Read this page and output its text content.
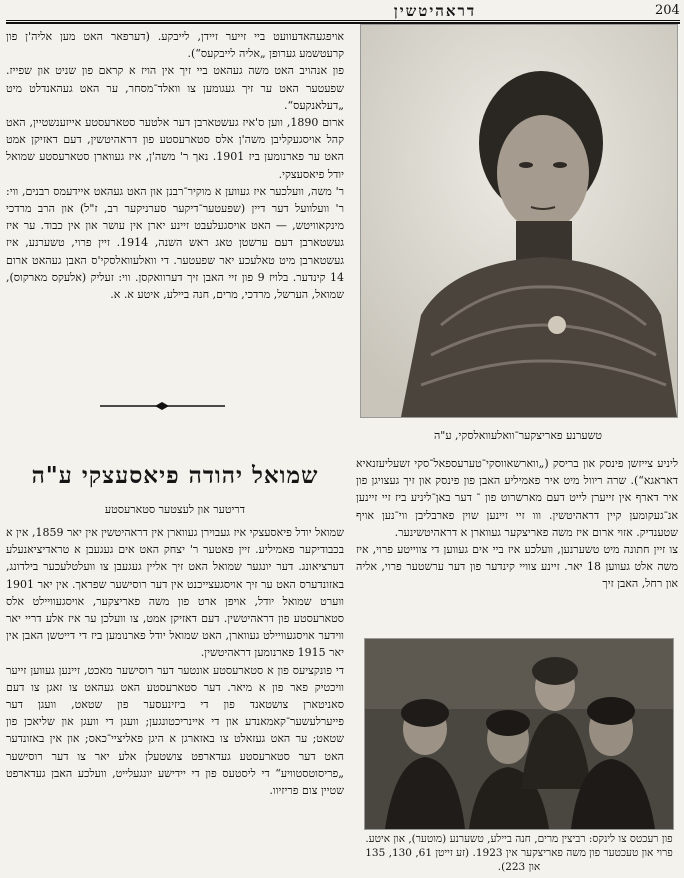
דראהיטשין	204

אויפגעהאדעוועט ביי זייער זיידן, לייבקע. (דערפאר האט מען אליה'ן פון קרעטשמע גערופן „אליה לייבקעס“).

פון אנהויב האט משה געהאט ביי זיך אין הויז א קראם פון שניט און שפייז. שפעטער האט ער זיך געגומען צו וואלד־מסחר, ער האט געהאנדלט מיט „דעלאנקעס“.

ארום 1890, ווען ס'איז געשטארבן דער אלטער סטארעסטע אייזענשטיין, האט קהל אויסגעקליבן משה'ן אלס סטארעסטע פון דראהיטשין, דעם דאזיקן אמט האט ער פארנומען ביז 1901. נאך ר' משה'ן, איז געווארן סטארעסטע שמואל יודל פיאסעצקי.

ר' משה, וועלכער איז געווען א מוקיר־רבנן און האט געהאט איידעמס רבנים, ווי: ר' וועלוועל דער דיין (שפעטער־דיקער סערניקער רב, ז"ל) און הרב מרדכי מינקאוויטש, — האט אויסגעלעבט זיינע יארן אין עושר און אין כבוד. ער איז געשטארבן דעם ערשטן טאג ראש השנה, 1914. זיין פרוי, טשערנע, איז געשטארבן מיט טאלעכע יאר שפעטער. די וואלעוואלסקי'ס האבן געהאט ארום 14 קינדער. בלויז 9 פון זיי האבן זיך דערוואקסן. ווי: זעליק (אלעקס מארקוס), שמואל, הערשל, מרדכי, מרים, חנה ביילע, איטע א. א.

שמואל יהודה פיאסעצקי ע"ה
דריטער און לעצטער סטארעסטע

שמואל יודל פיאסעצקי איז געבוירן געווארן אין דראהיטשין אין יאר 1859, אין א בכבודיקער פאמיליע. זיין פאטער ר' יצחק האט אים געגעבן א טראדיציאנעלע דערציאונג. דער יונגער שמואל האט זיך אליין געגעבן צו וועלטלעכער בילדונג, באזונדערס האט ער זיך אויסגעצייכנט אין דער רוסישער שפראך. אין יאר 1901 ווערט שמואל יודל, אויפן ארט פון משה פאריצקער, אויסגעוויילט אלס סטארעסטע פון דראהיטשין. דעם דאזיקן אמט, צו וועלכן ער איז אלע דריי יאר ווידער אויסגעוויילט געווארן, האט שמואל יודל פארנומען ביז די דייטשן האבן אין יאר 1915 פארנומען דראהיטשין.

די פונקציעס פון א סטארעסטע אונטער דער רוסישער מאכט, זיינען געווען זייער וויכטיק פאר פון א מיאר. דער סטארעסטע האט געהאט צו זאגן צו דעם סאניטארן צושטאנד פון די ביזינעסער פון שטאט, וועגן דער פייערלעשער־קאמאנדע און די איינריכטונגען; וועגן די וועגן און שליאכן פון שטאט; ער האט געזאלט צו באזארגן א היגן פאליציי־כאס; און אין באזונדער האט דער סטארעסטע געדארפט צושטעלן אלע יאר צו דער רוסישער „פריסוטסטוויע“ די ליסטעס פון די יידישע יונגעלייט, וועלכע האבן געדארפט שטיין צום פריזיוו.

טשערנע פאריצקער־וואלעוואלסקי, ע"ה

ליניע צייזשן פינסק און בריסק („ווארשאווסקי־טערעספאל־סקי זשעליעזנאיא דאראגא“). שרה ריוול מיט איר פאמיליע האבן פון פינסק און זיך געצויגן פון איר דארף אין זייערן לייט דעם מארשרוט פון ־ דער באן־ליניע ביז זיי זיינען אנ־געקומען קיין דראהיטשין. ווו זיי זיינען שוין פארבליבן ווי־נען אויף שטענדיק. אזוי ארום איז משה פאריצקער געווארן א דראהיטשינער.

צו זיין חתונה מיט טשערנען, וועלכע איז ביי אים געווען די צווייטע פרוי, איז משה אלט געווען 18 יאר. זיינע צוויי קינדער פון דער ערשטער פרוי, אליה און רחל, האבן זיך

פון רעכטס צו לינקס: רביצין מרים, חנה ביילע, טשערנע (מוטער), און איטע. פרוי און טעכטער פון משה פאריצקער אין 1923. (זע זייטן 61, 130, 135 און 223).
